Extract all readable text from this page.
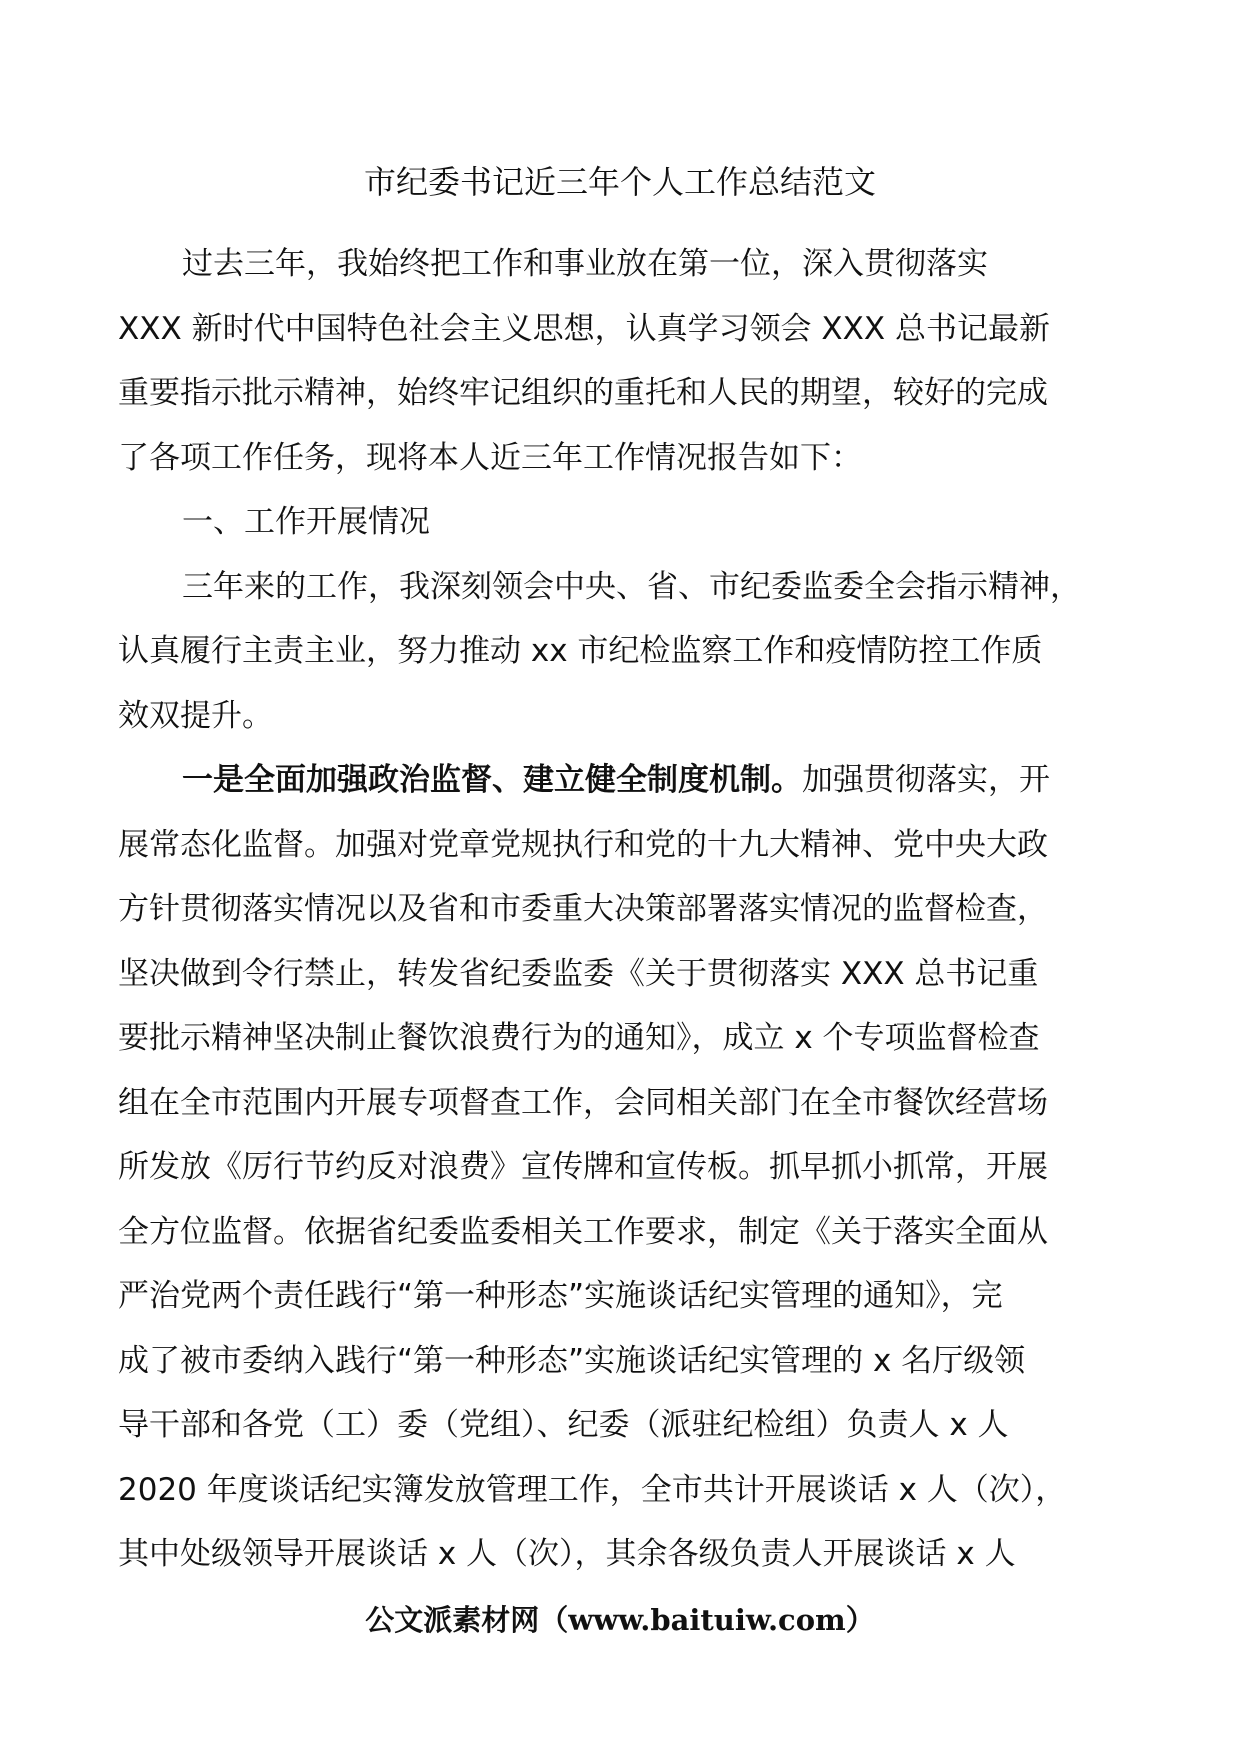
市纪委书记近三年个人工作总结范文
过去三年，我始终把工作和事业放在第一位，深入贯彻落实
XXX 新时代中国特色社会主义思想，认真学习领会 XXX 总书记最新
重要指示批示精神，始终牢记组织的重托和人民的期望，较好的完成
了各项工作任务，现将本人近三年工作情况报告如下：
一、工作开展情况
三年来的工作，我深刻领会中央、省、市纪委监委全会指示精神，
认真履行主责主业，努力推动 xx 市纪检监察工作和疫情防控工作质
效双提升。
一是全面加强政治监督、建立健全制度机制。加强贯彻落实，开
展常态化监督。加强对党章党规执行和党的十九大精神、党中央大政
方针贯彻落实情况以及省和市委重大决策部署落实情况的监督检查，
坚决做到令行禁止，转发省纪委监委《关于贯彻落实 XXX 总书记重
要批示精神坚决制止餐饮浪费行为的通知》，成立 x 个专项监督检查
组在全市范围内开展专项督查工作，会同相关部门在全市餐饮经营场
所发放《厉行节约反对浪费》宣传牌和宣传板。抓早抓小抓常，开展
全方位监督。依据省纪委监委相关工作要求，制定《关于落实全面从
严治党两个责任践行“第一种形态”实施谈话纪实管理的通知》，完
成了被市委纳入践行“第一种形态”实施谈话纪实管理的 x 名厅级领
导干部和各党（工）委（党组）、纪委（派驻纪检组）负责人 x 人
2020 年度谈话纪实簿发放管理工作，全市共计开展谈话 x 人（次），
其中处级领导开展谈话 x 人（次），其余各级负责人开展谈话 x 人
公文派素材网（www.baituiw.com）
